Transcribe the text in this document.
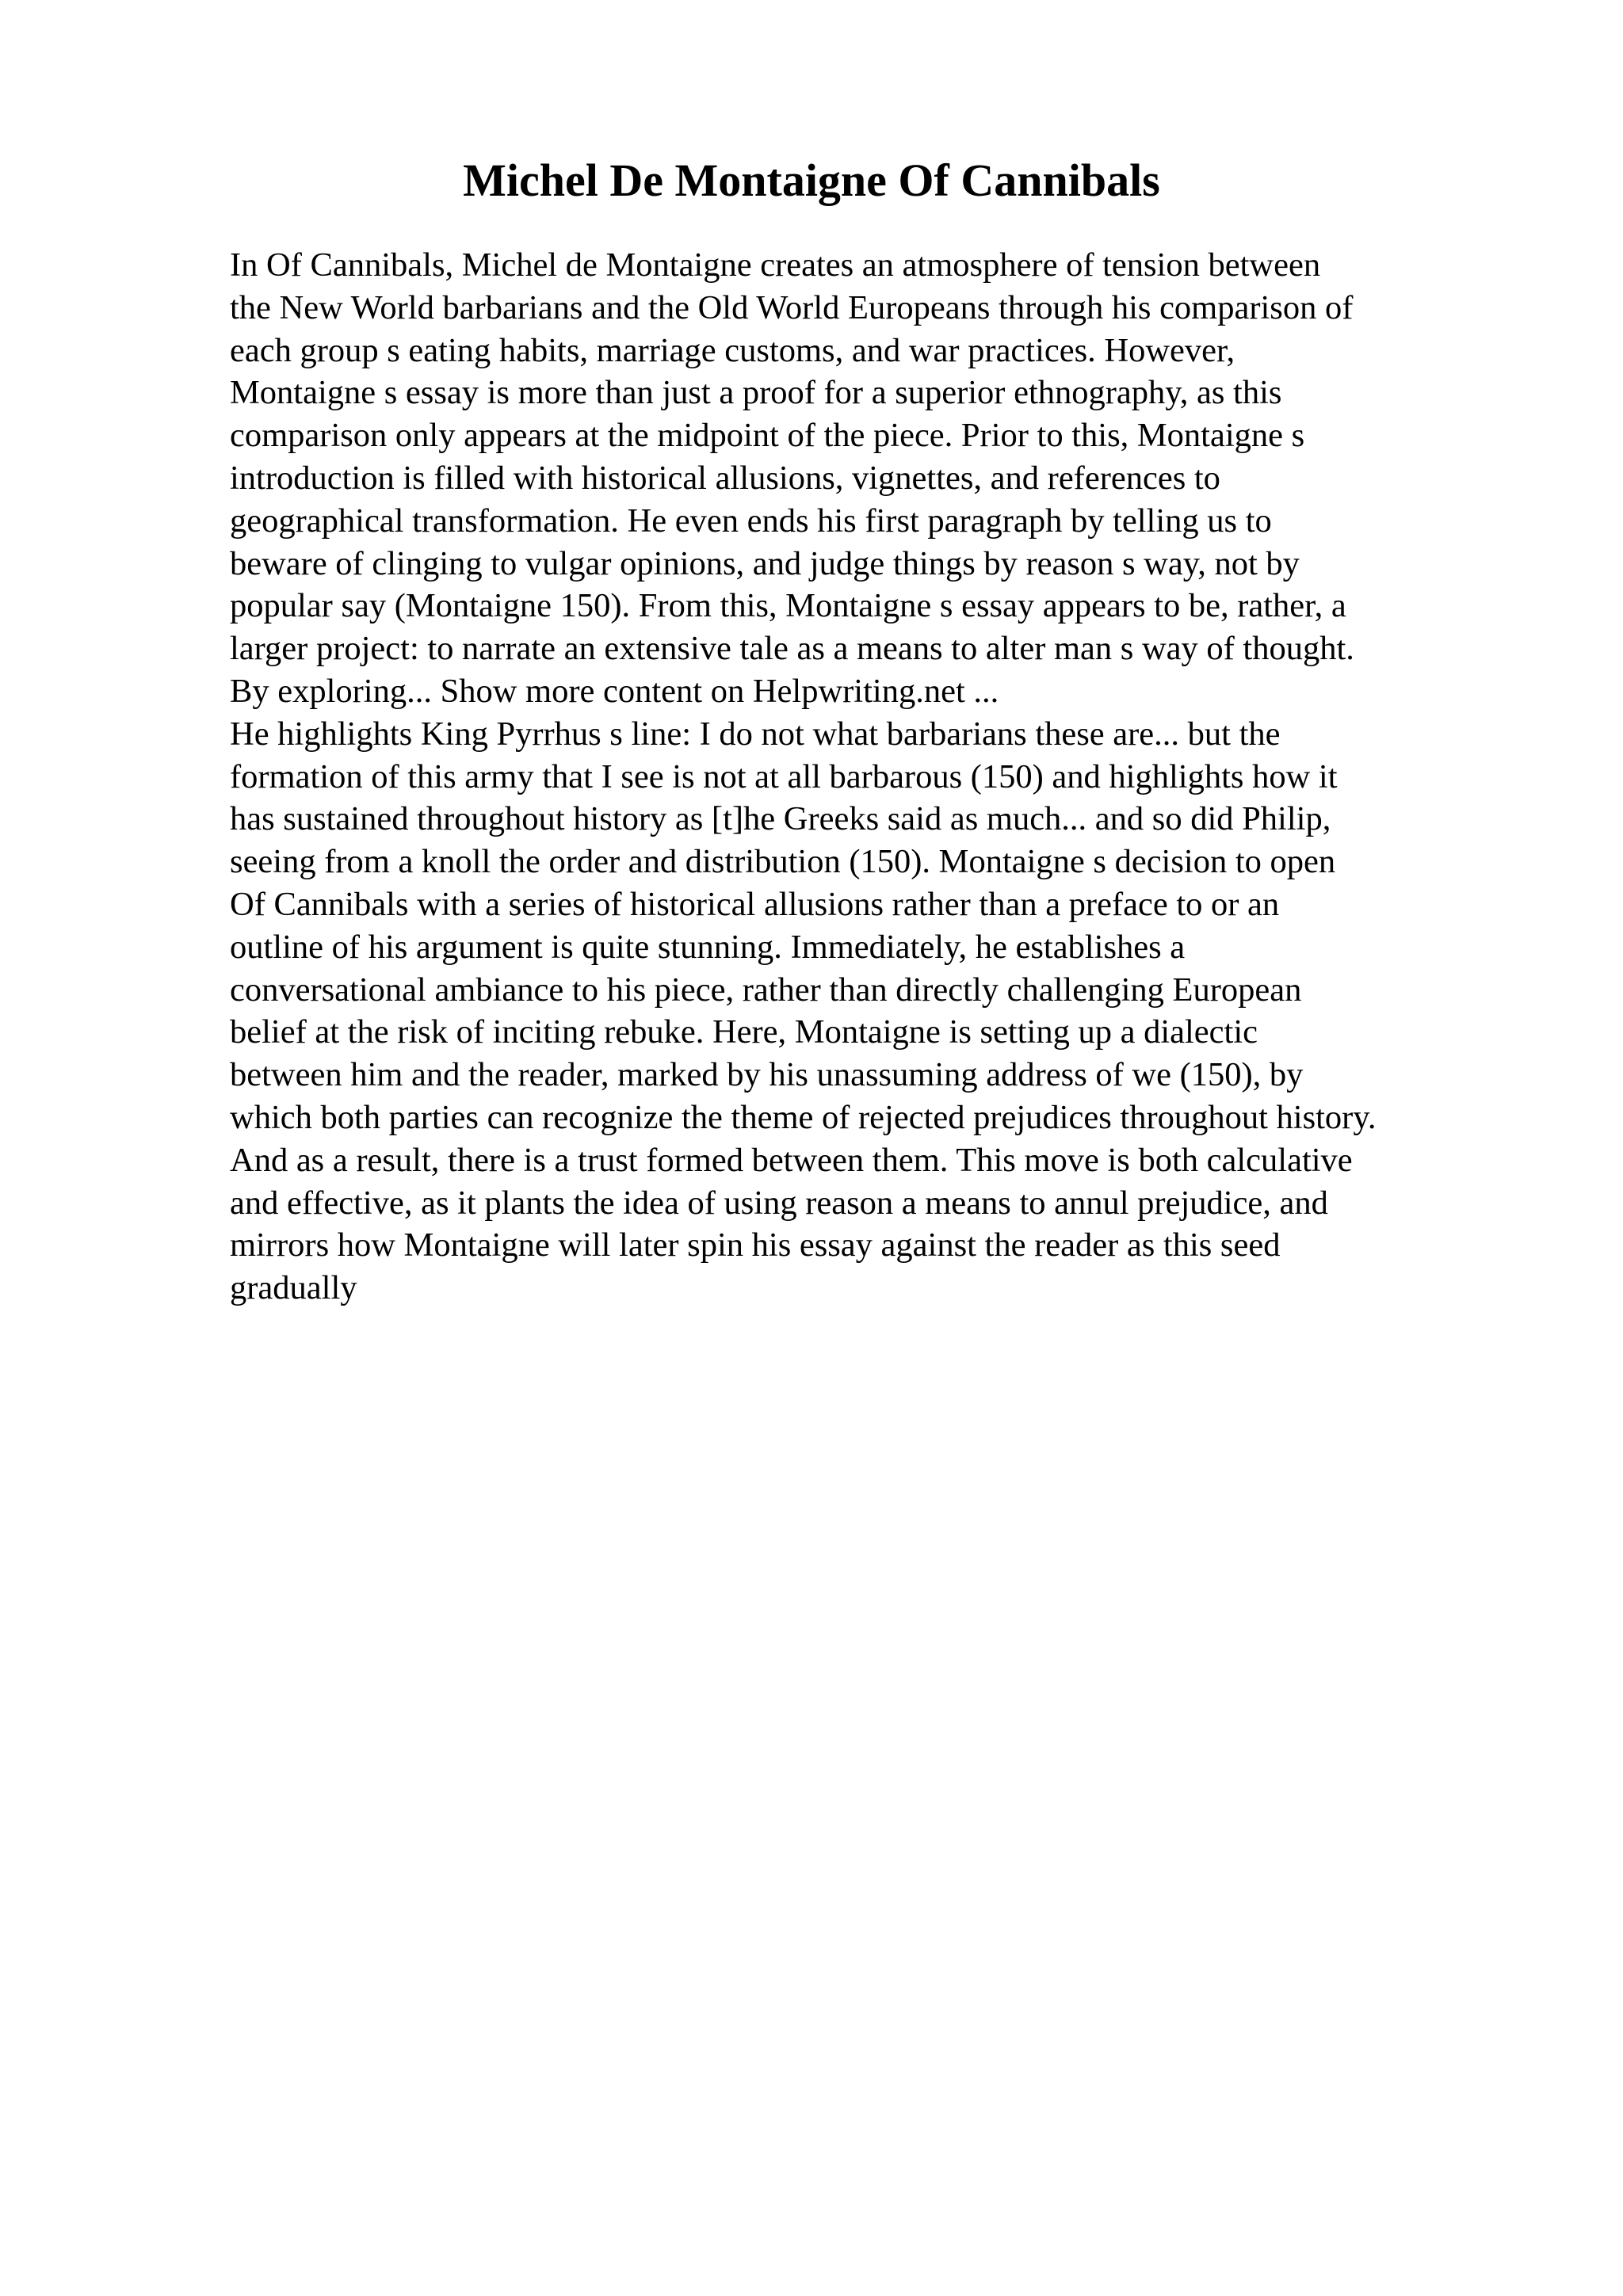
Michel De Montaigne Of Cannibals
In Of Cannibals, Michel de Montaigne creates an atmosphere of tension between
the New World barbarians and the Old World Europeans through his comparison of
each group s eating habits, marriage customs, and war practices. However,
Montaigne s essay is more than just a proof for a superior ethnography, as this
comparison only appears at the midpoint of the piece. Prior to this, Montaigne s
introduction is filled with historical allusions, vignettes, and references to
geographical transformation. He even ends his first paragraph by telling us to
beware of clinging to vulgar opinions, and judge things by reason s way, not by
popular say (Montaigne 150). From this, Montaigne s essay appears to be, rather, a
larger project: to narrate an extensive tale as a means to alter man s way of thought.
By exploring... Show more content on Helpwriting.net ...
He highlights King Pyrrhus s line: I do not what barbarians these are... but the
formation of this army that I see is not at all barbarous (150) and highlights how it
has sustained throughout history as [t]he Greeks said as much... and so did Philip,
seeing from a knoll the order and distribution (150). Montaigne s decision to open
Of Cannibals with a series of historical allusions rather than a preface to or an
outline of his argument is quite stunning. Immediately, he establishes a
conversational ambiance to his piece, rather than directly challenging European
belief at the risk of inciting rebuke. Here, Montaigne is setting up a dialectic
between him and the reader, marked by his unassuming address of we (150), by
which both parties can recognize the theme of rejected prejudices throughout history.
And as a result, there is a trust formed between them. This move is both calculative
and effective, as it plants the idea of using reason a means to annul prejudice, and
mirrors how Montaigne will later spin his essay against the reader as this seed
gradually
